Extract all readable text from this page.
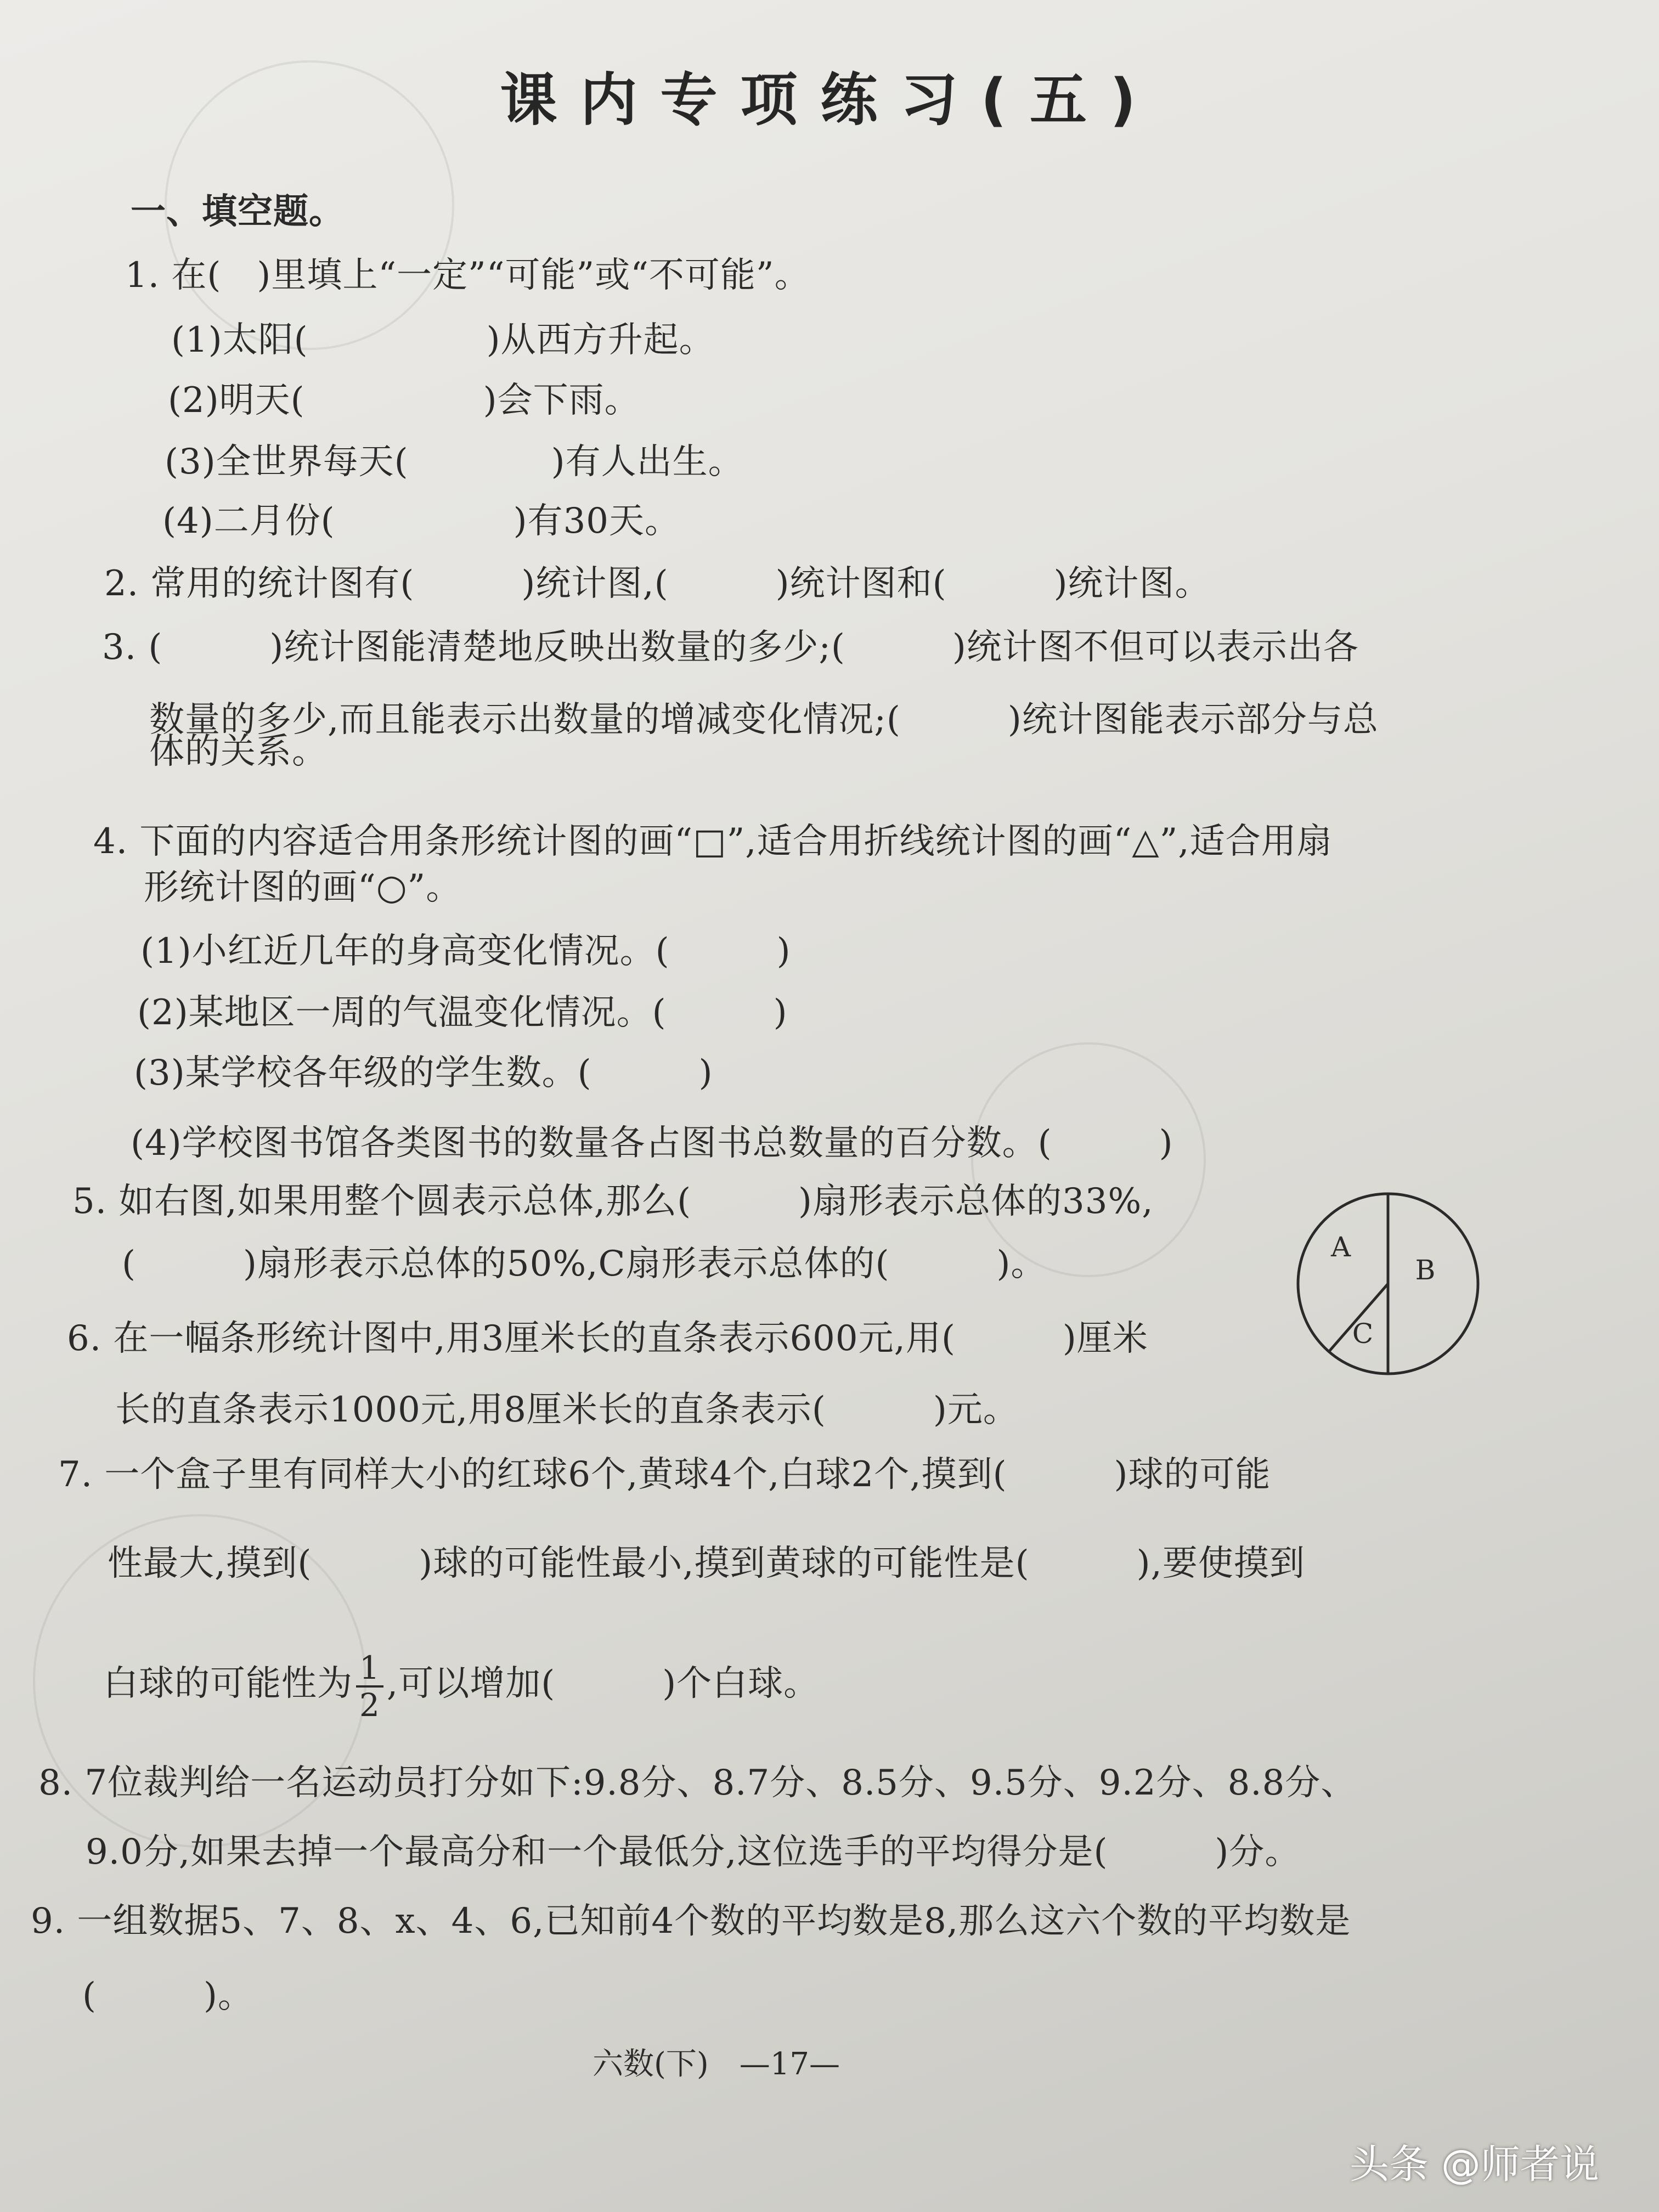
课内专项练习(五)
一、填空题。
1. 在(　)里填上“一定”“可能”或“不可能”。
(1)太阳(　　　　　)从西方升起。
(2)明天(　　　　　)会下雨。
(3)全世界每天(　　　　)有人出生。
(4)二月份(　　　　　)有30天。
2. 常用的统计图有(　　　)统计图,(　　　)统计图和(　　　)统计图。
3. (　　　)统计图能清楚地反映出数量的多少;(　　　)统计图不但可以表示出各
数量的多少,而且能表示出数量的增减变化情况;(　　　)统计图能表示部分与总
体的关系。
4. 下面的内容适合用条形统计图的画“□”,适合用折线统计图的画“△”,适合用扇
形统计图的画“○”。
(1)小红近几年的身高变化情况。(　　　)
(2)某地区一周的气温变化情况。(　　　)
(3)某学校各年级的学生数。(　　　)
(4)学校图书馆各类图书的数量各占图书总数量的百分数。(　　　)
5. 如右图,如果用整个圆表示总体,那么(　　　)扇形表示总体的33%,
(　　　)扇形表示总体的50%,C扇形表示总体的(　　　)。	A
B
C
6. 在一幅条形统计图中,用3厘米长的直条表示600元,用(　　　)厘米
长的直条表示1000元,用8厘米长的直条表示(　　　)元。
7. 一个盒子里有同样大小的红球6个,黄球4个,白球2个,摸到(　　　)球的可能
性最大,摸到(　　　)球的可能性最小,摸到黄球的可能性是(　　　),要使摸到
白球的可能性为 $\frac{1}{2}$ ,可以增加(　　　)个白球。
8. 7位裁判给一名运动员打分如下:9.8分、8.7分、8.5分、9.5分、9.2分、8.8分、
9.0分,如果去掉一个最高分和一个最低分,这位选手的平均得分是(　　　)分。
9. 一组数据5、7、8、x、4、6,已知前4个数的平均数是8,那么这六个数的平均数是
(　　　)。
六数(下)　—17—
头条 @师者说
